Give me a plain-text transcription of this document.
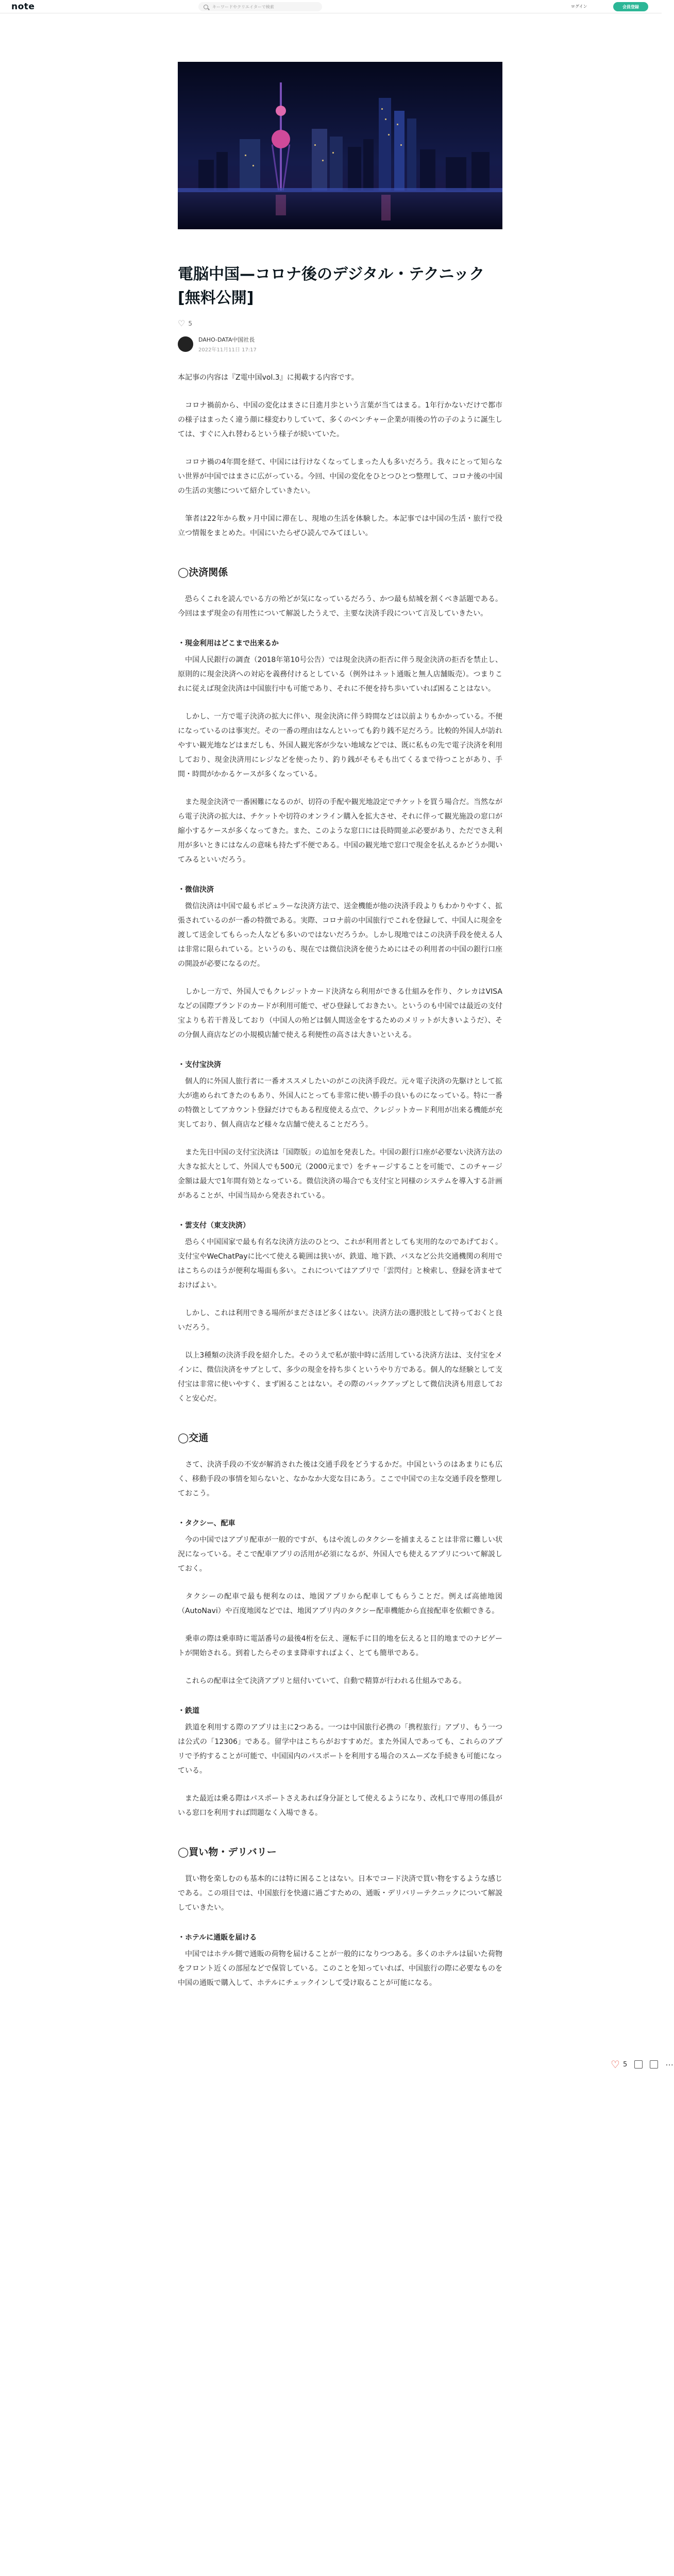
note
キーワードやクリエイターで検索	ログイン	会員登録
電脳中国—コロナ後のデジタル・テクニック [無料公開]
♡ 5
DAHO-DATA中国社長
2022年11月11日 17:17

本記事の内容は『Z電中国vol.3』に掲載する内容です。

　コロナ禍前から、中国の変化はまさに日進月歩という言葉が当てはまる。1年行かないだけで都市の様子はまったく違う顔に様変わりしていて、多くのベンチャー企業が雨後の竹の子のように誕生しては、すぐに入れ替わるという様子が続いていた。

　コロナ禍の4年間を経て、中国には行けなくなってしまった人も多いだろう。我々にとって知らない世界が中国ではまさに広がっている。今回、中国の変化をひとつひとつ整理して、コロナ後の中国の生活の実態について紹介していきたい。

　筆者は22年から数ヶ月中国に滞在し、現地の生活を体験した。本記事では中国の生活・旅行で役立つ情報をまとめた。中国にいたらぜひ読んでみてほしい。

◯決済関係

　恐らくこれを読んでいる方の殆どが気になっているだろう、かつ最も結城を割くべき話題である。今回はまず現金の有用性について解説したうえで、主要な決済手段について言及していきたい。

・現金利用はどこまで出来るか

　中国人民銀行の調査（2018年第10号公告）では現金決済の拒否に伴う現金決済の拒否を禁止し、原則的に現金決済への対応を義務付けるとしている（例外はネット通販と無人店舗販売）。つまりこれに従えば現金決済は中国旅行中も可能であり、それに不便を持ち歩いていれば困ることはない。

　しかし、一方で電子決済の拡大に伴い、現金決済に伴う時間などは以前よりもかかっている。不便になっているのは事実だ。その一番の理由はなんといっても釣り銭不足だろう。比較的外国人が訪れやすい観光地などはまだしも、外国人観光客が少ない地域などでは、既に私もの先で電子決済を利用しており、現金決済用にレジなどを使ったり、釣り銭がそもそも出てくるまで待つことがあり、手間・時間がかかるケースが多くなっている。

　また現金決済で一番困難になるのが、切符の手配や観光地設定でチケットを買う場合だ。当然ながら電子決済の拡大は、チケットや切符のオンライン購入を拡大させ、それに伴って観光施設の窓口が縮小するケースが多くなってきた。また、このような窓口には長時間並ぶ必要があり、ただでさえ利用が多いときにはなんの意味も持たず不便である。中国の観光地で窓口で現金を払えるかどうか聞いてみるといいだろう。

・微信決済

　微信決済は中国で最もポピュラーな決済方法で、送金機能が他の決済手段よりもわかりやすく、拡張されているのが一番の特徴である。実際、コロナ前の中国旅行でこれを登録して、中国人に現金を渡して送金してもらった人なども多いのではないだろうか。しかし現地ではこの決済手段を使える人は非常に限られている。というのも、現在では微信決済を使うためにはその利用者の中国の銀行口座の開設が必要になるのだ。

　しかし一方で、外国人でもクレジットカード決済なら利用ができる仕組みを作り、クレカはVISAなどの国際ブランドのカードが利用可能で、ぜひ登録しておきたい。というのも中国では最近の支付宝よりも若干普及しており（中国人の殆どは個人間送金をするためのメリットが大きいようだ）、その分個人商店などの小規模店舗で使える利便性の高さは大きいといえる。

・支付宝決済

　個人的に外国人旅行者に一番オススメしたいのがこの決済手段だ。元々電子決済の先駆けとして拡大が進められてきたのもあり、外国人にとっても非常に使い勝手の良いものになっている。特に一番の特徴としてアカウント登録だけでもある程度使える点で、クレジットカード利用が出来る機能が充実しており、個人商店など様々な店舗で使えることだろう。

　また先日中国の支付宝決済は「国際版」の追加を発表した。中国の銀行口座が必要ない決済方法の大きな拡大として、外国人でも500元（2000元まで）をチャージすることを可能で、このチャージ金額は最大で1年間有効となっている。微信決済の場合でも支付宝と同様のシステムを導入する計画があることが、中国当局から発表されている。

・雲支付（東支決済）

　恐らく中国国家で最も有名な決済方法のひとつ、これが利用者としても実用的なのであげておく。支付宝やWeChatPayに比べて使える範囲は狭いが、鉄道、地下鉄、バスなど公共交通機関の利用ではこちらのほうが便利な場面も多い。これについてはアプリで「雲閃付」と検索し、登録を済ませておけばよい。

　しかし、これは利用できる場所がまださほど多くはない。決済方法の選択肢として持っておくと良いだろう。

　以上3種類の決済手段を紹介した。そのうえで私が旅中時に活用している決済方法は、支付宝をメインに、微信決済をサブとして、多少の現金を持ち歩くというやり方である。個人的な経験として支付宝は非常に使いやすく、まず困ることはない。その際のバックアップとして微信決済も用意しておくと安心だ。

◯交通

　さて、決済手段の不安が解消された後は交通手段をどうするかだ。中国というのはあまりにも広く、移動手段の事情を知らないと、なかなか大変な目にあう。ここで中国での主な交通手段を整理しておこう。

・タクシー、配車

　今の中国ではアプリ配車が一般的ですが、もはや流しのタクシーを捕まえることは非常に難しい状況になっている。そこで配車アプリの活用が必須になるが、外国人でも使えるアプリについて解説しておく。

　タクシーの配車で最も便利なのは、地図アプリから配車してもらうことだ。例えば高徳地図（AutoNavi）や百度地図などでは、地図アプリ内のタクシー配車機能から直接配車を依頼できる。

　乗車の際は乗車時に電話番号の最後4桁を伝え、運転手に目的地を伝えると目的地までのナビゲートが開始される。到着したらそのまま降車すればよく、とても簡単である。

　これらの配車は全て決済アプリと紐付いていて、自動で精算が行われる仕組みである。

・鉄道

　鉄道を利用する際のアプリは主に2つある。一つは中国旅行必携の「携程旅行」アプリ、もう一つは公式の「12306」である。留学中はこちらがおすすめだ。また外国人であっても、これらのアプリで予約することが可能で、中国国内のパスポートを利用する場合のスムーズな手続きも可能になっている。

　また最近は乗る際はパスポートさえあれば身分証として使えるようになり、改札口で専用の係員がいる窓口を利用すれば問題なく入場できる。

◯買い物・デリバリー

　買い物を楽しむのも基本的には特に困ることはない。日本でコード決済で買い物をするような感じである。この項目では、中国旅行を快適に過ごすための、通販・デリバリーテクニックについて解説していきたい。

・ホテルに通販を届ける

　中国ではホテル側で通販の荷物を届けることが一般的になりつつある。多くのホテルは届いた荷物をフロント近くの部屋などで保管している。このことを知っていれば、中国旅行の際に必要なものを中国の通販で購入して、ホテルにチェックインして受け取ることが可能になる。

♡ 5	⋯
